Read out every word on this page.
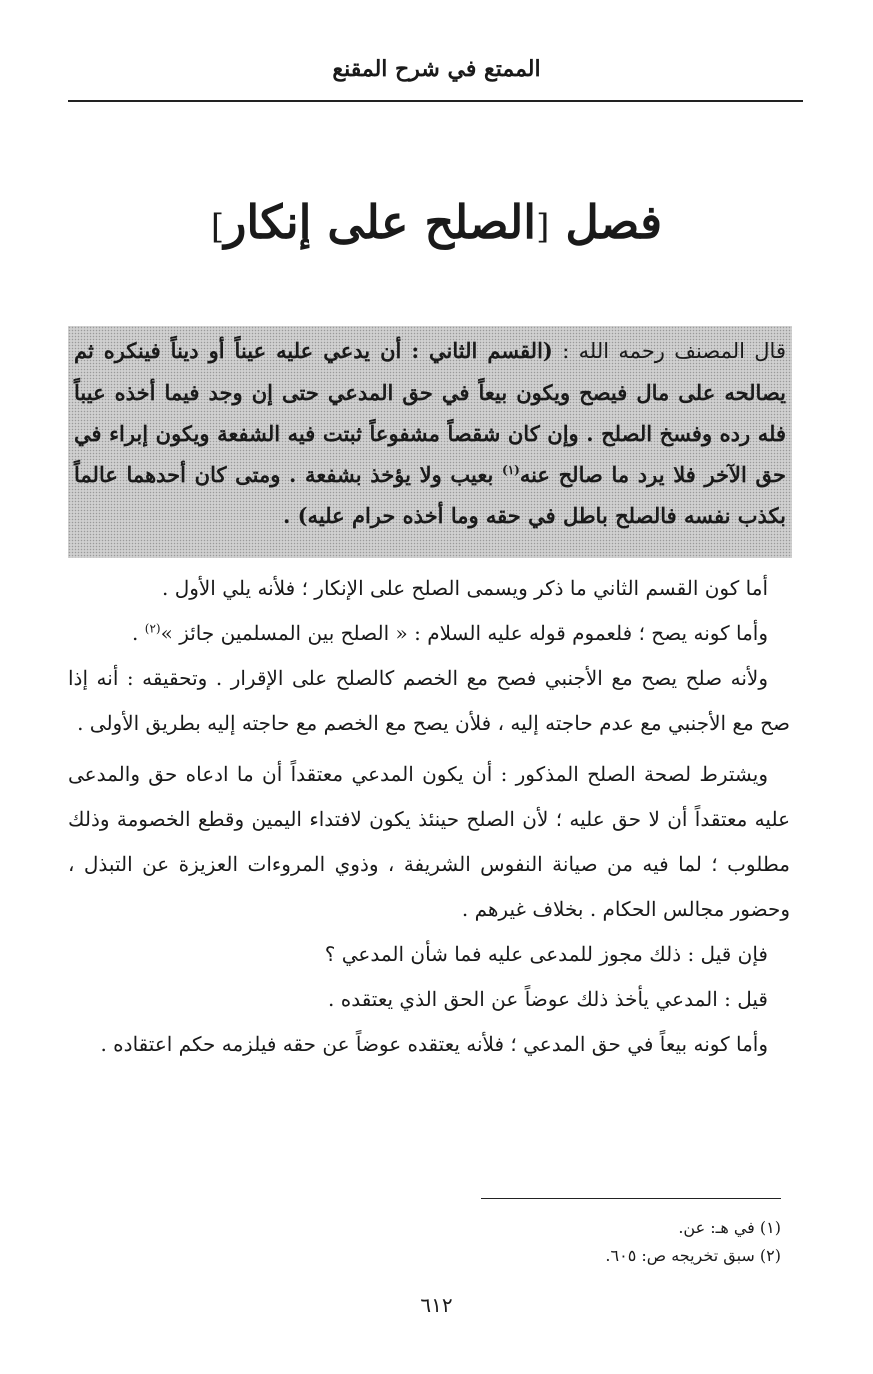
الممتع في شرح المقنع
فصل [الصلح على إنكار]
قال المصنف رحمه الله : (القسم الثاني : أن يدعي عليه عيناً أو ديناً فينكره ثم يصالحه على مال فيصح ويكون بيعاً في حق المدعي حتى إن وجد فيما أخذه عيباً فله رده وفسخ الصلح . وإن كان شقصاً مشفوعاً ثبتت فيه الشفعة ويكون إبراء في حق الآخر فلا يرد ما صالح عنه$^{(١)}$ بعيب ولا يؤخذ بشفعة . ومتى كان أحدهما عالماً بكذب نفسه فالصلح باطل في حقه وما أخذه حرام عليه) .

أما كون القسم الثاني ما ذكر ويسمى الصلح على الإنكار ؛ فلأنه يلي الأول .

وأما كونه يصح ؛ فلعموم قوله عليه السلام : « الصلح بين المسلمين جائز »$^{(٢)}$ .

ولأنه صلح يصح مع الأجنبي فصح مع الخصم كالصلح على الإقرار . وتحقيقه : أنه إذا صح مع الأجنبي مع عدم حاجته إليه ، فلأن يصح مع الخصم مع حاجته إليه بطريق الأولى .

ويشترط لصحة الصلح المذكور : أن يكون المدعي معتقداً أن ما ادعاه حق والمدعى عليه معتقداً أن لا حق عليه ؛ لأن الصلح حينئذ يكون لافتداء اليمين وقطع الخصومة وذلك مطلوب ؛ لما فيه من صيانة النفوس الشريفة ، وذوي المروءات العزيزة عن التبذل ، وحضور مجالس الحكام . بخلاف غيرهم .

فإن قيل : ذلك مجوز للمدعى عليه فما شأن المدعي ؟

قيل : المدعي يأخذ ذلك عوضاً عن الحق الذي يعتقده .

وأما كونه بيعاً في حق المدعي ؛ فلأنه يعتقده عوضاً عن حقه فيلزمه حكم اعتقاده .

(١) في هـ: عن.
(٢) سبق تخريجه ص: ٦٠٥.
٦١٢
